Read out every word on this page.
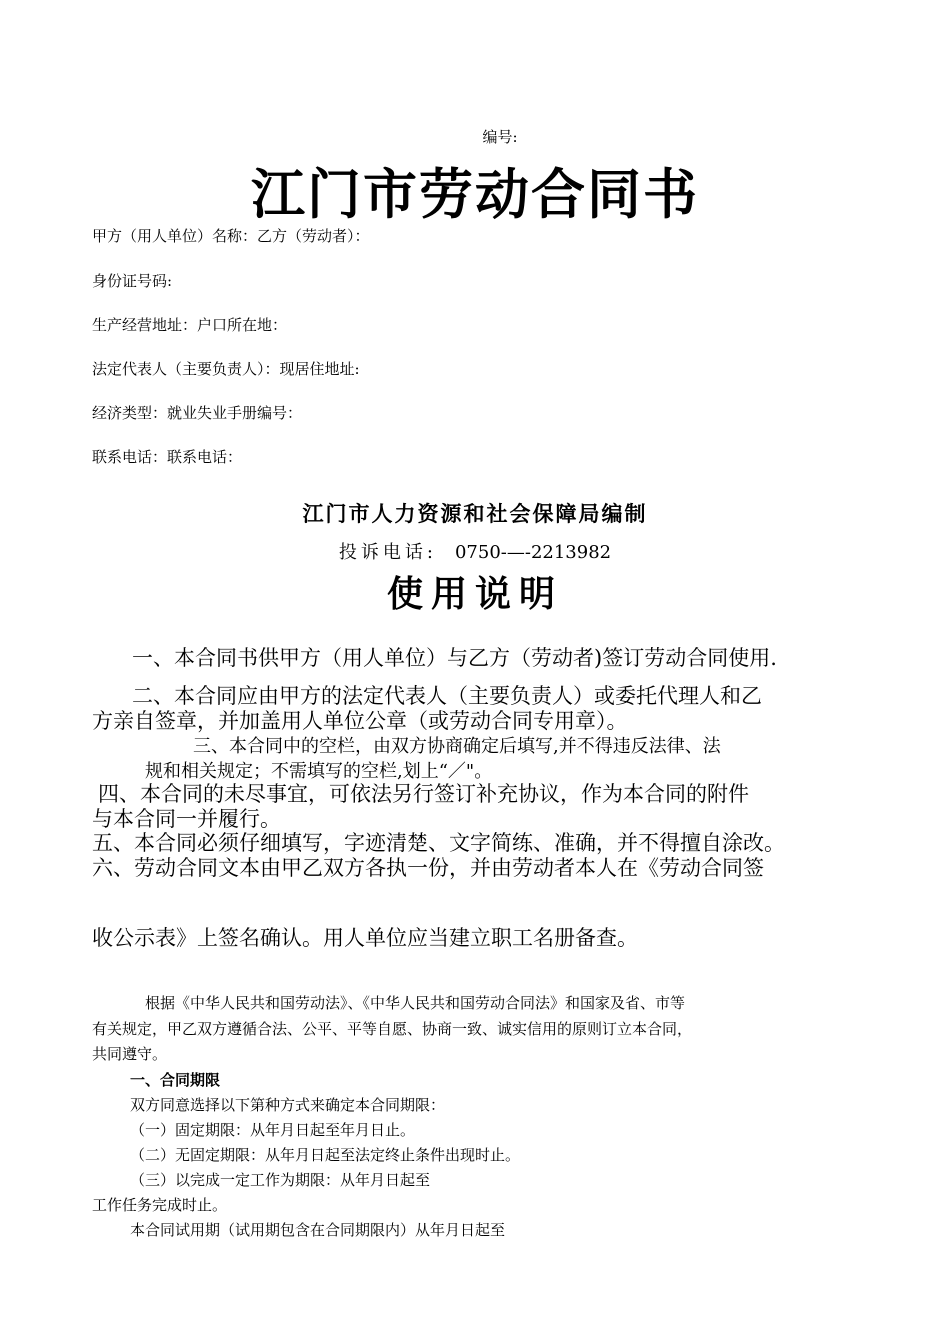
编号:
江门市劳动合同书
甲方（用人单位）名称：乙方（劳动者）：
身份证号码:
生产经营地址：户口所在地：
法定代表人（主要负责人）：现居住地址:
经济类型：就业失业手册编号：
联系电话：联系电话：
江门市人力资源和社会保障局编制
投诉电话: 0750-—-2213982
使用说明
一、本合同书供甲方（用人单位）与乙方（劳动者)签订劳动合同使用.
二、本合同应由甲方的法定代表人（主要负责人）或委托代理人和乙
方亲自签章，并加盖用人单位公章（或劳动合同专用章）。
三、本合同中的空栏，由双方协商确定后填写,并不得违反法律、法
规和相关规定；不需填写的空栏,划上“／"。
四、本合同的未尽事宜，可依法另行签订补充协议，作为本合同的附件
与本合同一并履行。
五、本合同必须仔细填写，字迹清楚、文字简练、准确，并不得擅自涂改。
六、劳动合同文本由甲乙双方各执一份，并由劳动者本人在《劳动合同签
收公示表》上签名确认。用人单位应当建立职工名册备查。
根据《中华人民共和国劳动法》、《中华人民共和国劳动合同法》和国家及省、市等
有关规定，甲乙双方遵循合法、公平、平等自愿、协商一致、诚实信用的原则订立本合同，
共同遵守。
一、合同期限
双方同意选择以下第种方式来确定本合同期限：
（一）固定期限：从年月日起至年月日止。
（二）无固定期限：从年月日起至法定终止条件出现时止。
（三）以完成一定工作为期限：从年月日起至
工作任务完成时止。
本合同试用期（试用期包含在合同期限内）从年月日起至
